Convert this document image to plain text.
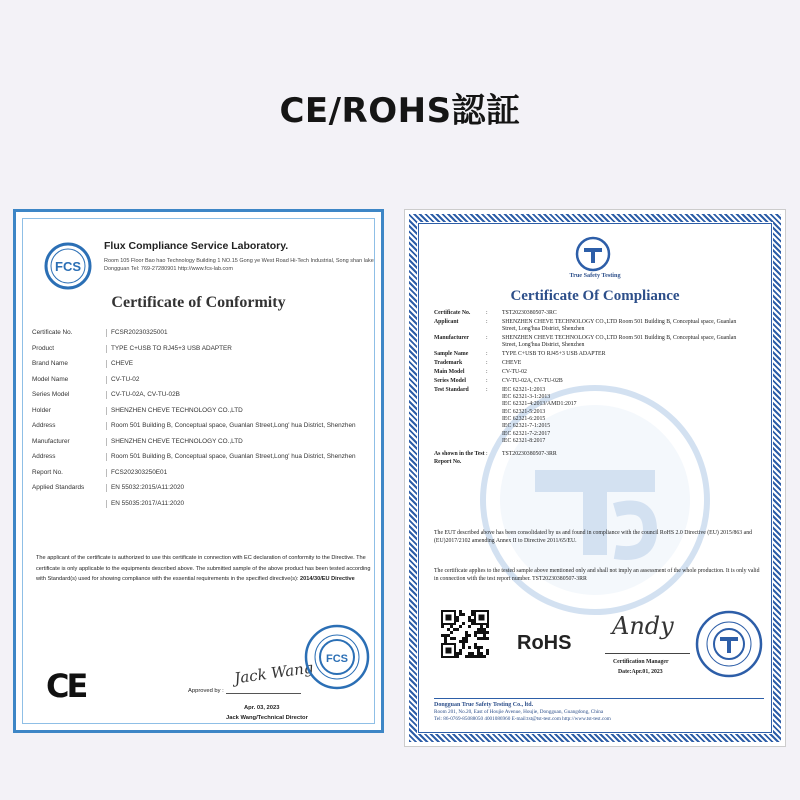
CE/ROHS認証
FCS
Flux Compliance Service Laboratory.
Room 105 Floor Bao hao Technology Building 1 NO.15 Gong ye West Road Hi-Tech Industrial, Song shan lake Dongguan Tel: 769-27280901 http://www.fcs-lab.com
Certificate of Conformity
Certificate No.	FCSR20230325001
Product	TYPE C+USB TO RJ45+3 USB ADAPTER
Brand Name	CHEVE
Model Name	CV-TU-02
Series Model	CV-TU-02A, CV-TU-02B
Holder	SHENZHEN CHEVE TECHNOLOGY CO.,LTD
Address	Room 501 Building B, Conceptual space, Guanlan Street,Long' hua District, Shenzhen
Manufacturer	SHENZHEN CHEVE TECHNOLOGY CO.,LTD
Address	Room 501 Building B, Conceptual space, Guanlan Street,Long' hua District, Shenzhen
Report No.	FCS202303250E01
Applied Standards	EN 55032:2015/A11:2020
EN 55035:2017/A11:2020
The applicant of the certificate is authorized to use this certificate in connection with EC declaration of conformity to the Directive. The certificate is only applicable to the equipments described above. The submitted sample of the above product has been tested according with Standard(s) used for showing compliance with the essential requirements in the specified directive(s): 2014/30/EU Directive
CE	Jack Wang
Approved by :
FCS
Apr. 03, 2023
Jack Wang/Technical Director
True Safety Testing
Certificate Of Compliance
Certificate No.	:	TST20230380507-3RC
Applicant	:	SHENZHEN CHEVE TECHNOLOGY CO.,LTD Room 501 Building B, Conceptual space, Guanlan Street, Long'hua District, Shenzhen
Manufacturer	:	SHENZHEN CHEVE TECHNOLOGY CO.,LTD Room 501 Building B, Conceptual space, Guanlan Street, Long'hua District, Shenzhen
Sample Name	:	TYPE C+USB TO RJ45+3 USB ADAPTER
Trademark	:	CHEVE
Main Model	:	CV-TU-02
Series Model	:	CV-TU-02A, CV-TU-02B
Test Standard	:	IEC 62321-1:2013
IEC 62321-3-1:2013
IEC 62321-4:2013/AMD1:2017
IEC 62321-5:2013
IEC 62321-6:2015
IEC 62321-7-1:2015
IEC 62321-7-2:2017
IEC 62321-8:2017
As shown in the Test Report No.
:	TST20230380507-3RR
The EUT described above has been consolidated by us and found in compliance with the council RoHS 2.0 Directive (EU) 2015/863 and (EU)2017/2102 amending Annex II to Directive 2011/65/EU.
The certificate applies to the tested sample above mentioned only and shall not imply an assessment of the whole production. It is only valid in connection with the test report number. TST20230380507-3RR
RoHS
Andy
Certification Manager
Date:Apr.01, 2023
Dongguan True Safety Testing Co., ltd.
Room 201, No.20, East of Houjie Avenue, Houjie, Dongguan, Guangdong, China
Tel: 86-0769-85088050 4001086960 E-mail:tst@tst-test.com http://www.tst-test.com
